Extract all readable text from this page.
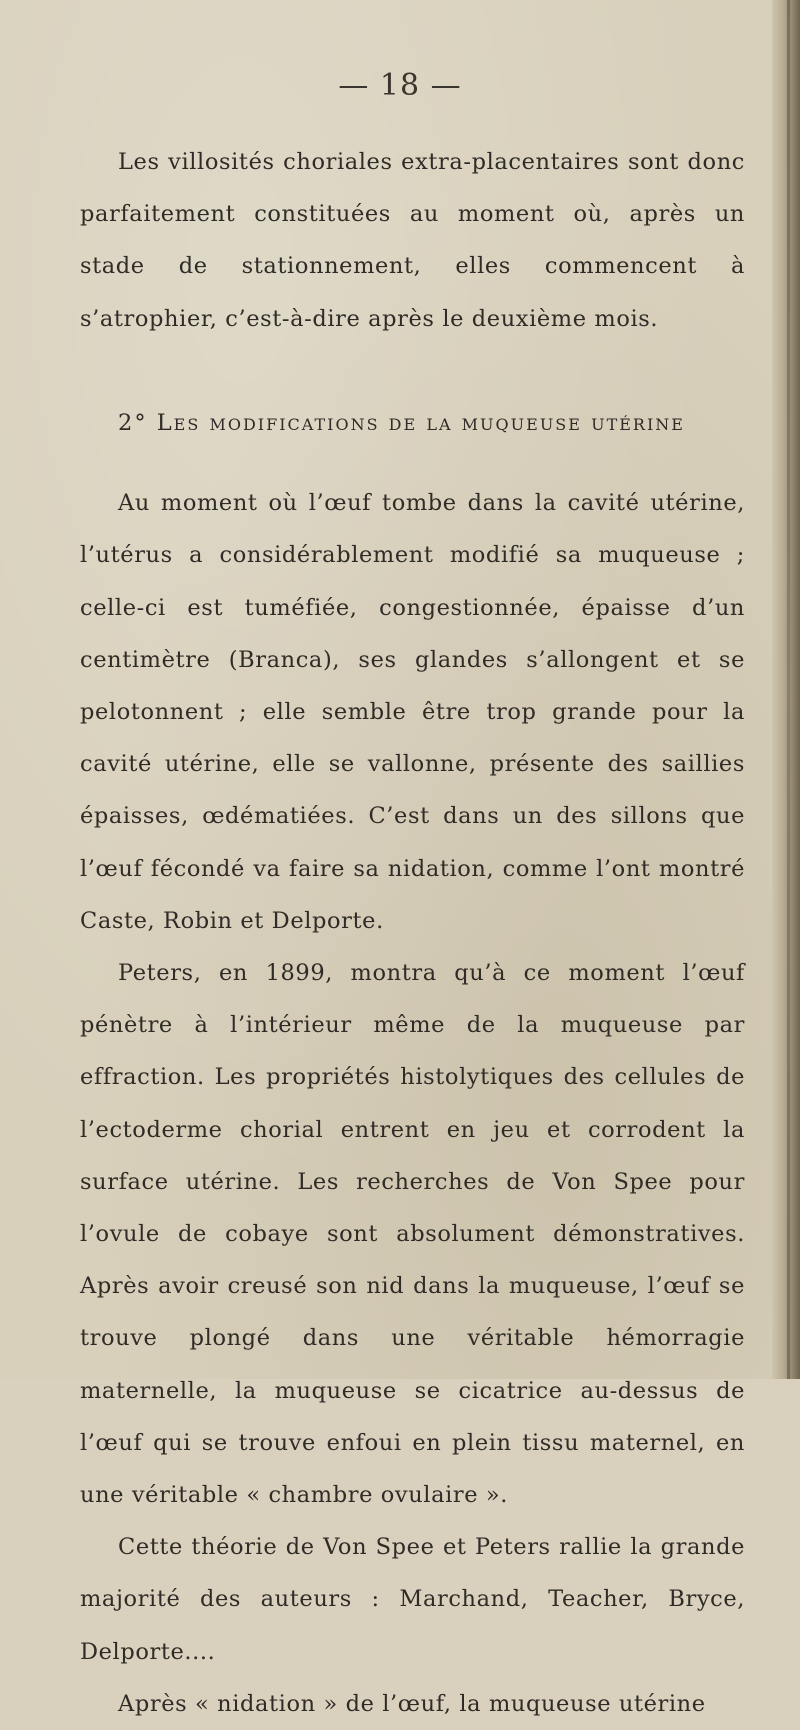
— 18 —

Les villosités choriales extra-placentaires sont donc parfaitement constituées au moment où, après un stade de stationnement, elles commencent à s’atrophier, c’est-à-dire après le deuxième mois.

2° Les modifications de la muqueuse utérine

Au moment où l’œuf tombe dans la cavité utérine, l’utérus a considérablement modifié sa muqueuse ; celle-ci est tuméfiée, congestionnée, épaisse d’un centimètre (Branca), ses glandes s’allongent et se pelotonnent ; elle semble être trop grande pour la cavité utérine, elle se vallonne, présente des saillies épaisses, œdématiées. C’est dans un des sillons que l’œuf fécondé va faire sa nidation, comme l’ont montré Caste, Robin et Delporte.

Peters, en 1899, montra qu’à ce moment l’œuf pénètre à l’intérieur même de la muqueuse par effraction. Les propriétés histolytiques des cellules de l’ectoderme chorial entrent en jeu et corrodent la surface utérine. Les recherches de Von Spee pour l’ovule de cobaye sont absolument démonstratives. Après avoir creusé son nid dans la muqueuse, l’œuf se trouve plongé dans une véritable hémorragie maternelle, la muqueuse se cicatrice au-dessus de l’œuf qui se trouve enfoui en plein tissu maternel, en une véritable « chambre ovulaire ».

Cette théorie de Von Spee et Peters rallie la grande majorité des auteurs : Marchand, Teacher, Bryce, Delporte....

Après « nidation » de l’œuf, la muqueuse utérine
